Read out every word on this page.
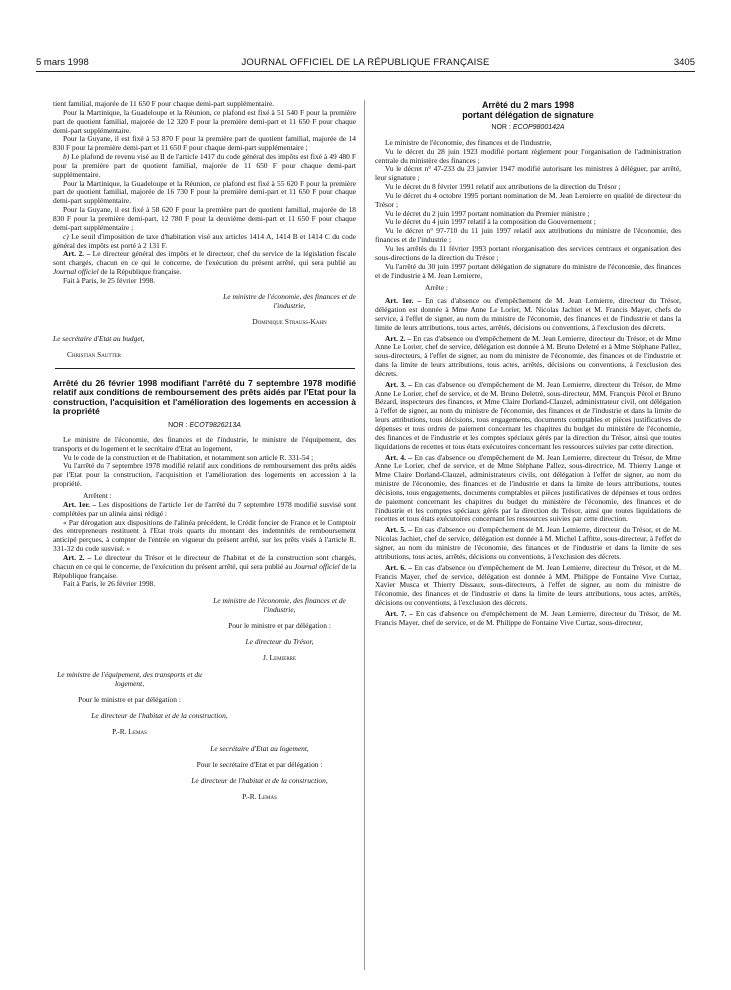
5 mars 1998	JOURNAL OFFICIEL DE LA RÉPUBLIQUE FRANÇAISE	3405

tient familial, majorée de 11 650 F pour chaque demi-part supplémentaire.

Pour la Martinique, la Guadeloupe et la Réunion, ce plafond est fixé à 51 540 F pour la première part de quotient familial, majorée de 12 320 F pour la première demi-part et 11 650 F pour chaque demi-part supplémentaire.

Pour la Guyane, il est fixé à 53 870 F pour la première part de quotient familial, majorée de 14 830 F pour la première demi-part et 11 650 F pour chaque demi-part supplémentaire ;

b) Le plafond de revenu visé au II de l'article 1417 du code général des impôts est fixé à 49 480 F pour la première part de quotient familial, majorée de 11 650 F pour chaque demi-part supplémentaire.

Pour la Martinique, la Guadeloupe et la Réunion, ce plafond est fixé à 55 620 F pour la première part de quotient familial, majorée de 16 730 F pour la première demi-part et 11 650 F pour chaque demi-part supplémentaire.

Pour la Guyane, il est fixé à 58 620 F pour la première part de quotient familial, majorée de 18 830 F pour la première demi-part, 12 780 F pour la deuxième demi-part et 11 650 F pour chaque demi-part supplémentaire ;

c) Le seuil d'imposition de taxe d'habitation visé aux articles 1414 A, 1414 B et 1414 C du code général des impôts est porté à 2 131 F.

Art. 2. – Le directeur général des impôts et le directeur, chef du service de la législation fiscale sont chargés, chacun en ce qui le concerne, de l'exécution du présent arrêté, qui sera publié au Journal officiel de la République française.

Fait à Paris, le 25 février 1998.

Le ministre de l'économie, des finances et de l'industrie,

Dominique Strauss-Kahn

Le secrétaire d'Etat au budget,

Christian Sautter

Arrêté du 26 février 1998 modifiant l'arrêté du 7 septembre 1978 modifié relatif aux conditions de remboursement des prêts aidés par l'Etat pour la construction, l'acquisition et l'amélioration des logements en accession à la propriété

NOR : ECOT9826213A

Le ministre de l'économie, des finances et de l'industrie, le ministre de l'équipement, des transports et du logement et le secrétaire d'Etat au logement,

Vu le code de la construction et de l'habitation, et notamment son article R. 331-54 ;

Vu l'arrêté du 7 septembre 1978 modifié relatif aux conditions de remboursement des prêts aidés par l'Etat pour la construction, l'acquisition et l'amélioration des logements en accession à la propriété.

Arrêtent :

Art. 1er. – Les dispositions de l'article 1er de l'arrêté du 7 septembre 1978 modifié susvisé sont complétées par un alinéa ainsi rédigé :

« Par dérogation aux dispositions de l'alinéa précédent, le Crédit foncier de France et le Comptoir des entrepreneurs restituent à l'Etat trois quarts du montant des indemnités de remboursement anticipé perçues, à compter de l'entrée en vigueur du présent arrêté, sur les prêts visés à l'article R. 331-32 du code susvisé. »

Art. 2. – Le directeur du Trésor et le directeur de l'habitat et de la construction sont chargés, chacun en ce qui le concerne, de l'exécution du présent arrêté, qui sera publié au Journal officiel de la République française.

Fait à Paris, le 26 février 1998.

Le ministre de l'économie, des finances et de l'industrie,

Pour le ministre et par délégation :

Le directeur du Trésor,

J. Lemierre

Le ministre de l'équipement, des transports et du logement,

Pour le ministre et par délégation :

Le directeur de l'habitat et de la construction,

P.-R. Lemas

Le secrétaire d'Etat au logement,

Pour le secrétaire d'Etat et par délégation :

Le directeur de l'habitat et de la construction,

P.-R. Lemas

Arrêté du 2 mars 1998

portant délégation de signature

NOR : ECOP9800142A

Le ministre de l'économie, des finances et de l'industrie,

Vu le décret du 28 juin 1923 modifié portant règlement pour l'organisation de l'administration centrale du ministère des finances ;

Vu le décret n° 47-233 du 23 janvier 1947 modifié autorisant les ministres à déléguer, par arrêté, leur signature ;

Vu le décret du 8 février 1991 relatif aux attributions de la direction du Trésor ;

Vu le décret du 4 octobre 1995 portant nomination de M. Jean Lemierre en qualité de directeur du Trésor ;

Vu le décret du 2 juin 1997 portant nomination du Premier ministre ;

Vu le décret du 4 juin 1997 relatif à la composition du Gouvernement ;

Vu le décret n° 97-710 du 11 juin 1997 relatif aux attributions du ministre de l'économie, des finances et de l'industrie ;

Vu les arrêtés du 11 février 1993 portant réorganisation des services centraux et organisation des sous-directions de la direction du Trésor ;

Vu l'arrêté du 30 juin 1997 portant délégation de signature du ministre de l'économie, des finances et de l'industrie à M. Jean Lemierre,

Arrête :

Art. 1er. – En cas d'absence ou d'empêchement de M. Jean Lemierre, directeur du Trésor, délégation est donnée à Mme Anne Le Lorier, M. Nicolas Jachiet et M. Francis Mayer, chefs de service, à l'effet de signer, au nom du ministre de l'économie, des finances et de l'industrie et dans la limite de leurs attributions, tous actes, arrêtés, décisions ou conventions, à l'exclusion des décrets.

Art. 2. – En cas d'absence ou d'empêchement de M. Jean Lemierre, directeur du Trésor, et de Mme Anne Le Lorier, chef de service, délégation est donnée à M. Bruno Deletré et à Mme Stéphane Pallez, sous-directeurs, à l'effet de signer, au nom du ministre de l'économie, des finances et de l'industrie et dans la limite de leurs attributions, tous actes, arrêtés, décisions ou conventions, à l'exclusion des décrets.

Art. 3. – En cas d'absence ou d'empêchement de M. Jean Lemierre, directeur du Trésor, de Mme Anne Le Lorier, chef de service, et de M. Bruno Deletré, sous-directeur, MM. François Pérol et Bruno Bézard, inspecteurs des finances, et Mme Claire Dorland-Clauzel, administrateur civil, ont délégation à l'effet de signer, au nom du ministre de l'économie, des finances et de l'industrie et dans la limite de leurs attributions, tous décisions, tous engagements, documents comptables et pièces justificatives de dépenses et tous ordres de paiement concernant les chapitres du budget du ministère de l'économie, des finances et de l'industrie et les comptes spéciaux gérés par la direction du Trésor, ainsi que toutes liquidations de recettes et tous états exécutoires concernant les ressources suivies par cette direction.

Art. 4. – En cas d'absence ou d'empêchement de M. Jean Lemierre, directeur du Trésor, de Mme Anne Le Lorier, chef de service, et de Mme Stéphane Pallez, sous-directrice, M. Thierry Lange et Mme Claire Dorland-Clauzel, administrateurs civils, ont délégation à l'effet de signer, au nom du ministre de l'économie, des finances et de l'industrie et dans la limite de leurs attributions, toutes décisions, tous engagements, documents comptables et pièces justificatives de dépenses et tous ordres de paiement concernant les chapitres du budget du ministère de l'économie, des finances et de l'industrie et les comptes spéciaux gérés par la direction du Trésor, ainsi que toutes liquidations de recettes et tous états exécutoires concernant les ressources suivies par cette direction.

Art. 5. – En cas d'absence ou d'empêchement de M. Jean Lemierre, directeur du Trésor, et de M. Nicolas Jachiet, chef de service, délégation est donnée à M. Michel Laffitte, sous-directeur, à l'effet de signer, au nom du ministre de l'économie, des finances et de l'industrie et dans la limite de ses attributions, tous actes, arrêtés, décisions ou conventions, à l'exclusion des décrets.

Art. 6. – En cas d'absence ou d'empêchement de M. Jean Lemierre, directeur du Trésor, et de M. Francis Mayer, chef de service, délégation est donnée à MM. Philippe de Fontaine Vive Curtaz, Xavier Musca et Thierry Dissaux, sous-directeurs, à l'effet de signer, au nom du ministre de l'économie, des finances et de l'industrie et dans la limite de leurs attributions, tous actes, arrêtés, décisions ou conventions, à l'exclusion des décrets.

Art. 7. – En cas d'absence ou d'empêchement de M. Jean Lemierre, directeur du Trésor, de M. Francis Mayer, chef de service, et de M. Philippe de Fontaine Vive Curtaz, sous-directeur,
